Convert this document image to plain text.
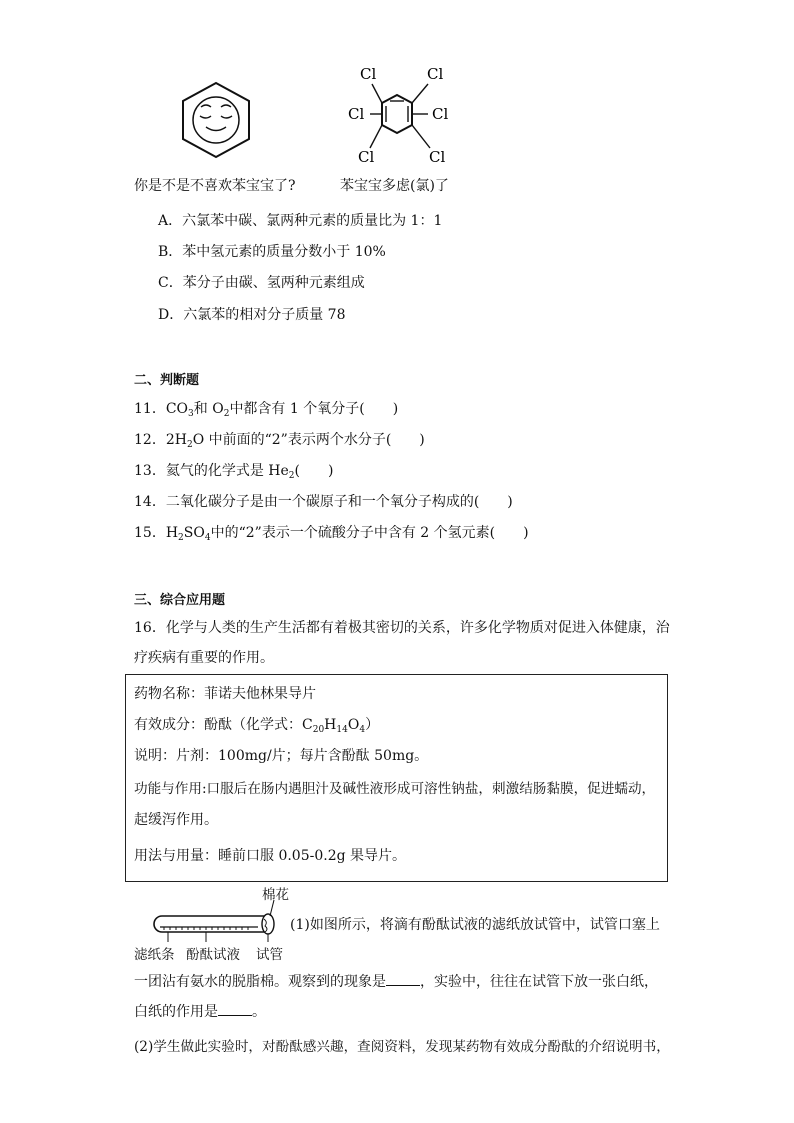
Cl	Cl
Cl	Cl
Cl	Cl
你是不是不喜欢苯宝宝了?	苯宝宝多虑(氯)了
A．六氯苯中碳、氯两种元素的质量比为 1：1
B．苯中氢元素的质量分数小于 10%
C．苯分子由碳、氢两种元素组成
D．六氯苯的相对分子质量 78
二、判断题
11．$CO_3$和 $O_2$中都含有 1 个氧分子(　　)
12．$2H_2O$ 中前面的“2”表示两个水分子(　　)
13．氦气的化学式是 $He_2$(　　)
14．二氧化碳分子是由一个碳原子和一个氧分子构成的(　　)
15．$H_2SO_4$中的“2”表示一个硫酸分子中含有 2 个氢元素(　　)
三、综合应用题
16．化学与人类的生产生活都有着极其密切的关系，许多化学物质对促进入体健康，治
疗疾病有重要的作用。
药物名称：菲诺夫他林果导片
有效成分：酚酞（化学式：$C_{20}H_{14}O_4$）
说明：片剂：100mg/片；每片含酚酞 50mg。
功能与作用:口服后在肠内遇胆汁及碱性液形成可溶性钠盐，刺激结肠黏膜，促进蠕动，
起缓泻作用。
用法与用量：睡前口服 0.05-0.2g 果导片。
棉花
滤纸条 酚酞试液 试管
(1)如图所示，将滴有酚酞试液的滤纸放试管中，试管口塞上
一团沾有氨水的脱脂棉。观察到的现象是 ，实验中，往往在试管下放一张白纸，
白纸的作用是 。
(2)学生做此实验时，对酚酞感兴趣，查阅资料，发现某药物有效成分酚酞的介绍说明书，
